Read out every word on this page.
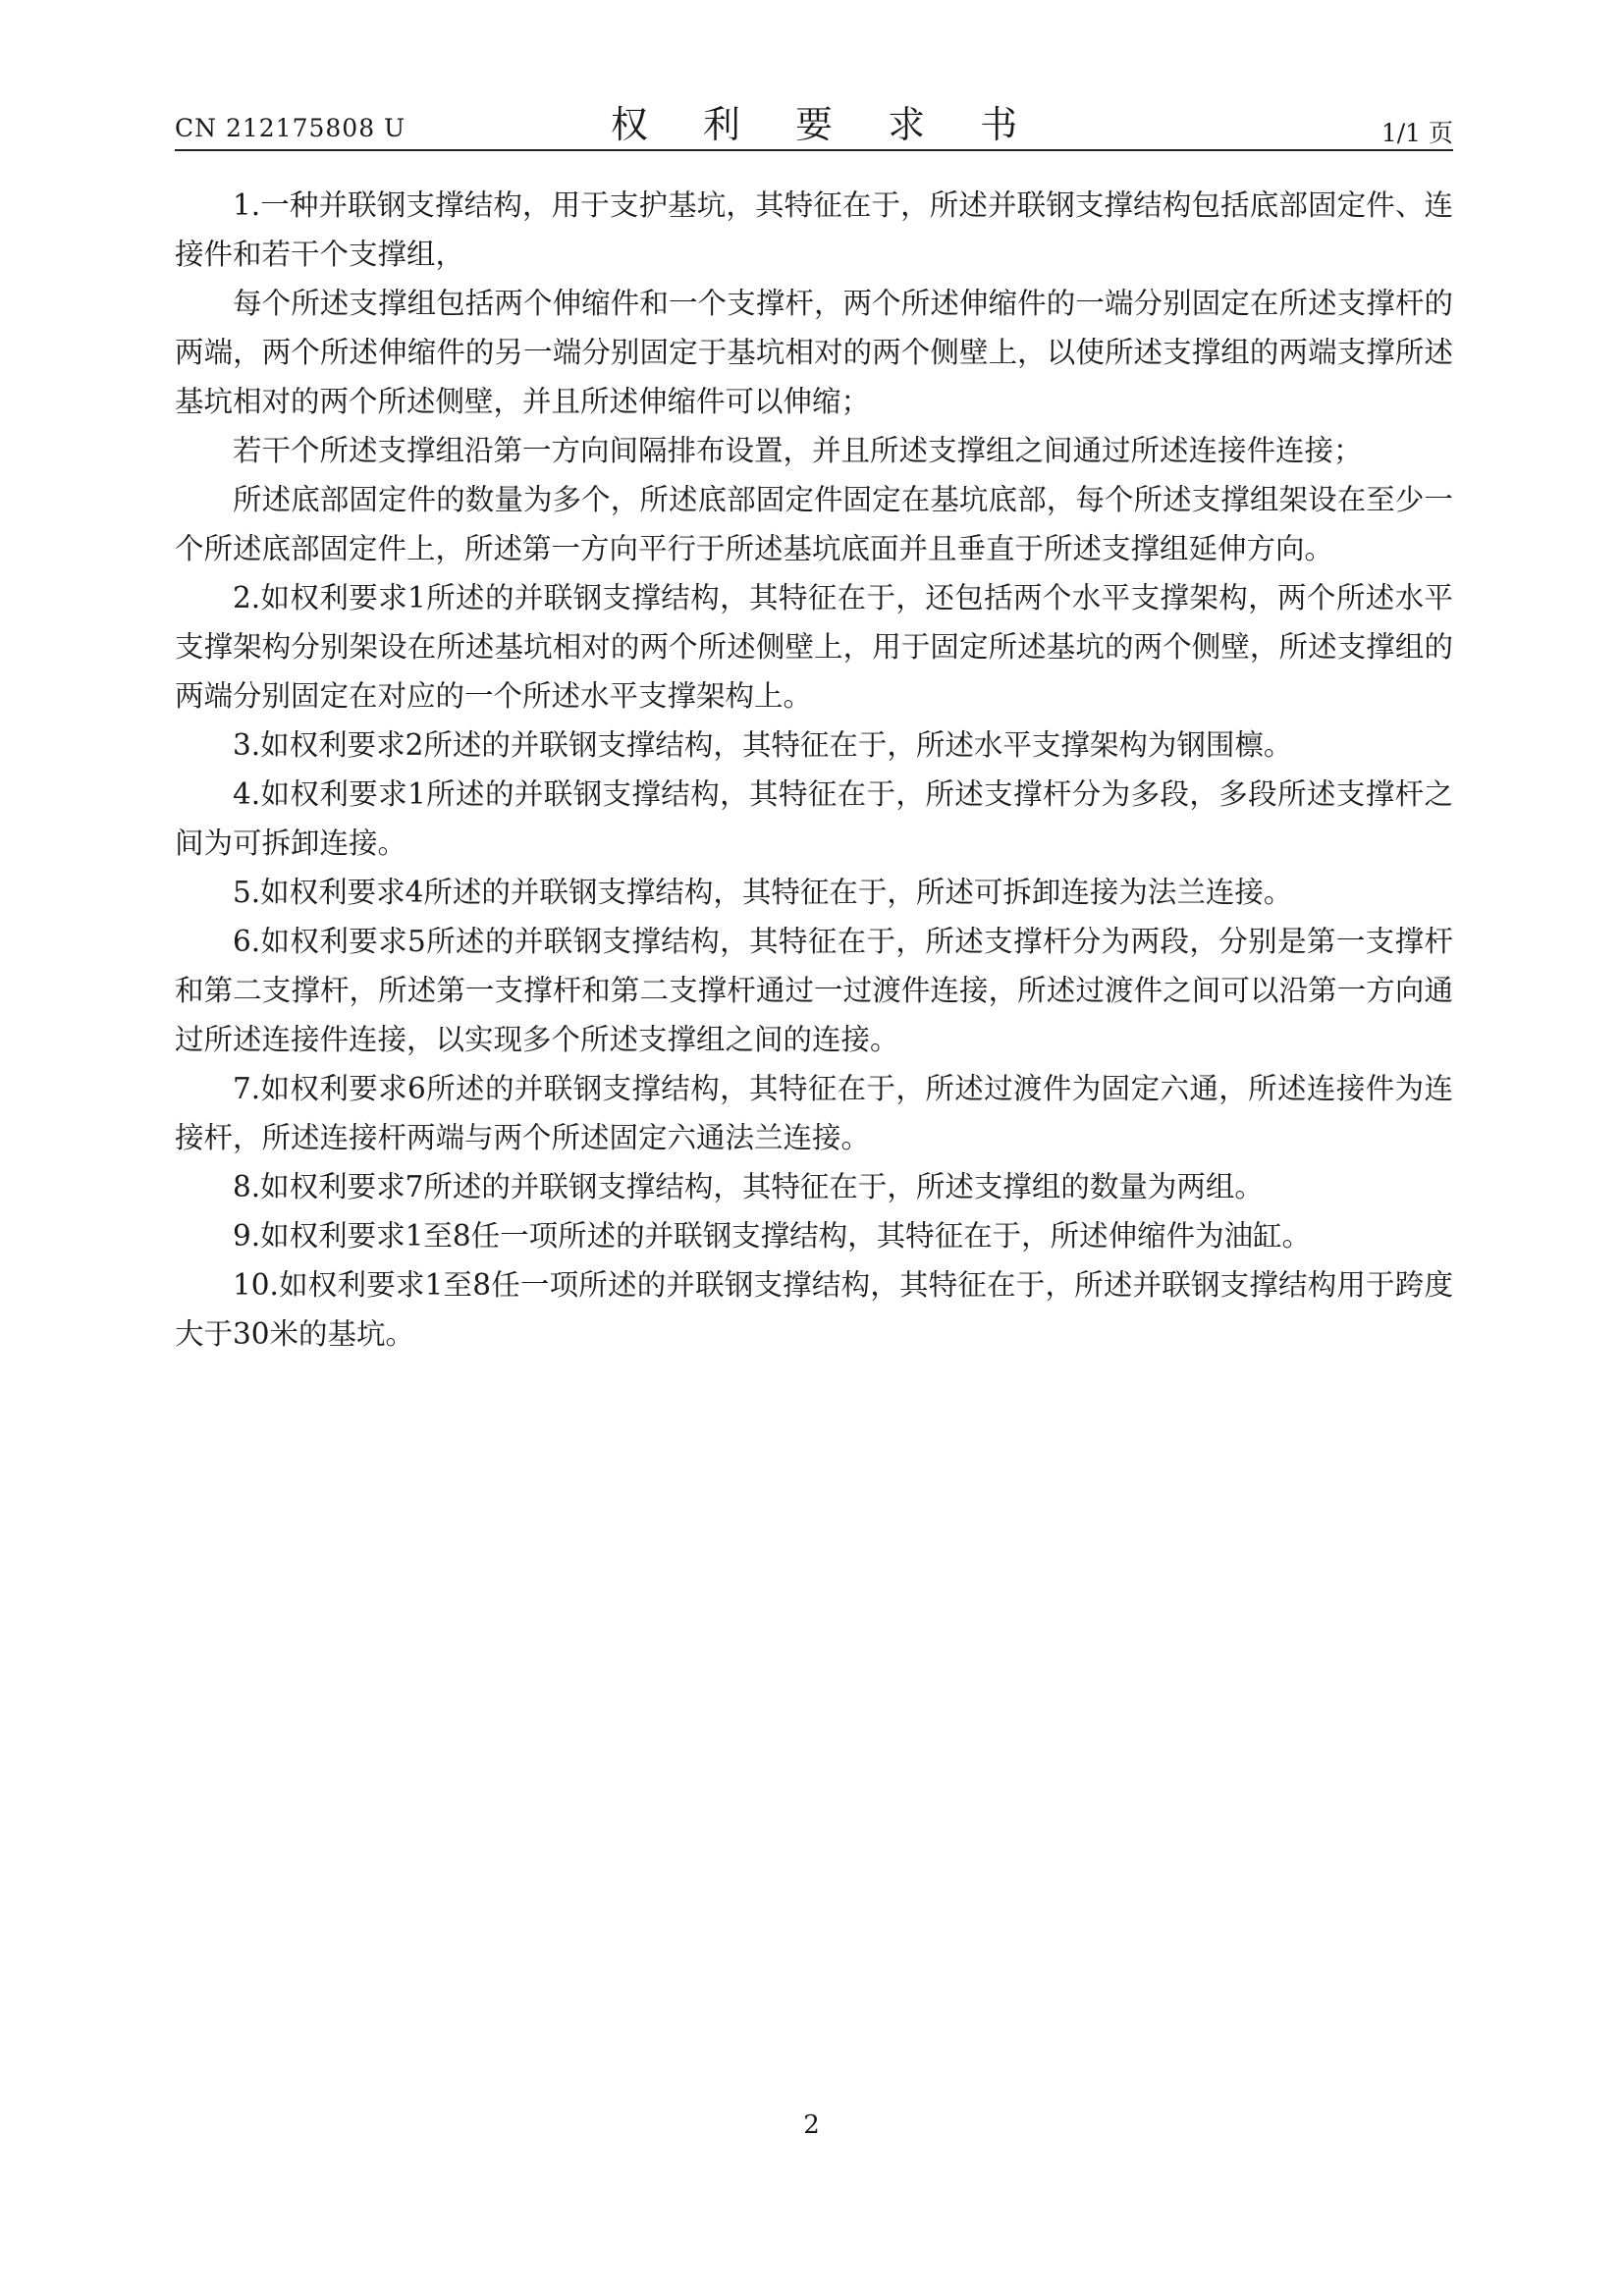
CN 212175808 U	权 利 要 求 书	1/1 页

1.一种并联钢支撑结构，用于支护基坑，其特征在于，所述并联钢支撑结构包括底部固定件、连接件和若干个支撑组，

每个所述支撑组包括两个伸缩件和一个支撑杆，两个所述伸缩件的一端分别固定在所述支撑杆的两端，两个所述伸缩件的另一端分别固定于基坑相对的两个侧壁上，以使所述支撑组的两端支撑所述基坑相对的两个所述侧壁，并且所述伸缩件可以伸缩；

若干个所述支撑组沿第一方向间隔排布设置，并且所述支撑组之间通过所述连接件连接；

所述底部固定件的数量为多个，所述底部固定件固定在基坑底部，每个所述支撑组架设在至少一个所述底部固定件上，所述第一方向平行于所述基坑底面并且垂直于所述支撑组延伸方向。

2.如权利要求1所述的并联钢支撑结构，其特征在于，还包括两个水平支撑架构，两个所述水平支撑架构分别架设在所述基坑相对的两个所述侧壁上，用于固定所述基坑的两个侧壁，所述支撑组的两端分别固定在对应的一个所述水平支撑架构上。

3.如权利要求2所述的并联钢支撑结构，其特征在于，所述水平支撑架构为钢围檩。

4.如权利要求1所述的并联钢支撑结构，其特征在于，所述支撑杆分为多段，多段所述支撑杆之间为可拆卸连接。

5.如权利要求4所述的并联钢支撑结构，其特征在于，所述可拆卸连接为法兰连接。

6.如权利要求5所述的并联钢支撑结构，其特征在于，所述支撑杆分为两段，分别是第一支撑杆和第二支撑杆，所述第一支撑杆和第二支撑杆通过一过渡件连接，所述过渡件之间可以沿第一方向通过所述连接件连接，以实现多个所述支撑组之间的连接。

7.如权利要求6所述的并联钢支撑结构，其特征在于，所述过渡件为固定六通，所述连接件为连接杆，所述连接杆两端与两个所述固定六通法兰连接。

8.如权利要求7所述的并联钢支撑结构，其特征在于，所述支撑组的数量为两组。

9.如权利要求1至8任一项所述的并联钢支撑结构，其特征在于，所述伸缩件为油缸。

10.如权利要求1至8任一项所述的并联钢支撑结构，其特征在于，所述并联钢支撑结构用于跨度大于30米的基坑。

2
